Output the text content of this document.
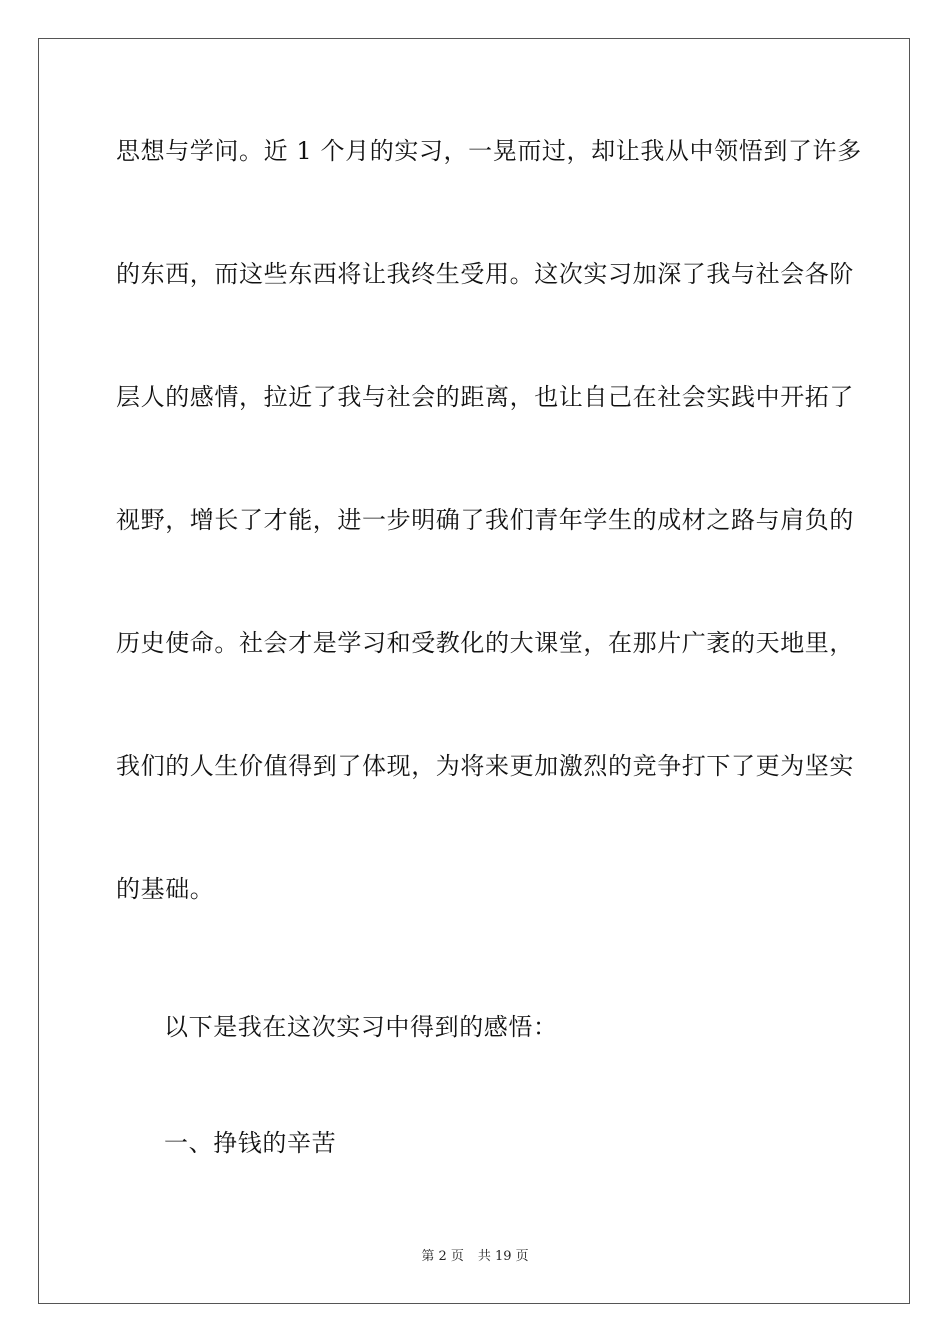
思想与学问。近 1 个月的实习，一晃而过，却让我从中领悟到了许多
的东西，而这些东西将让我终生受用。这次实习加深了我与社会各阶
层人的感情，拉近了我与社会的距离，也让自己在社会实践中开拓了
视野，增长了才能，进一步明确了我们青年学生的成材之路与肩负的
历史使命。社会才是学习和受教化的大课堂，在那片广袤的天地里，
我们的人生价值得到了体现，为将来更加激烈的竞争打下了更为坚实
的基础。
以下是我在这次实习中得到的感悟：
一、挣钱的辛苦
第 2 页 共 19 页
